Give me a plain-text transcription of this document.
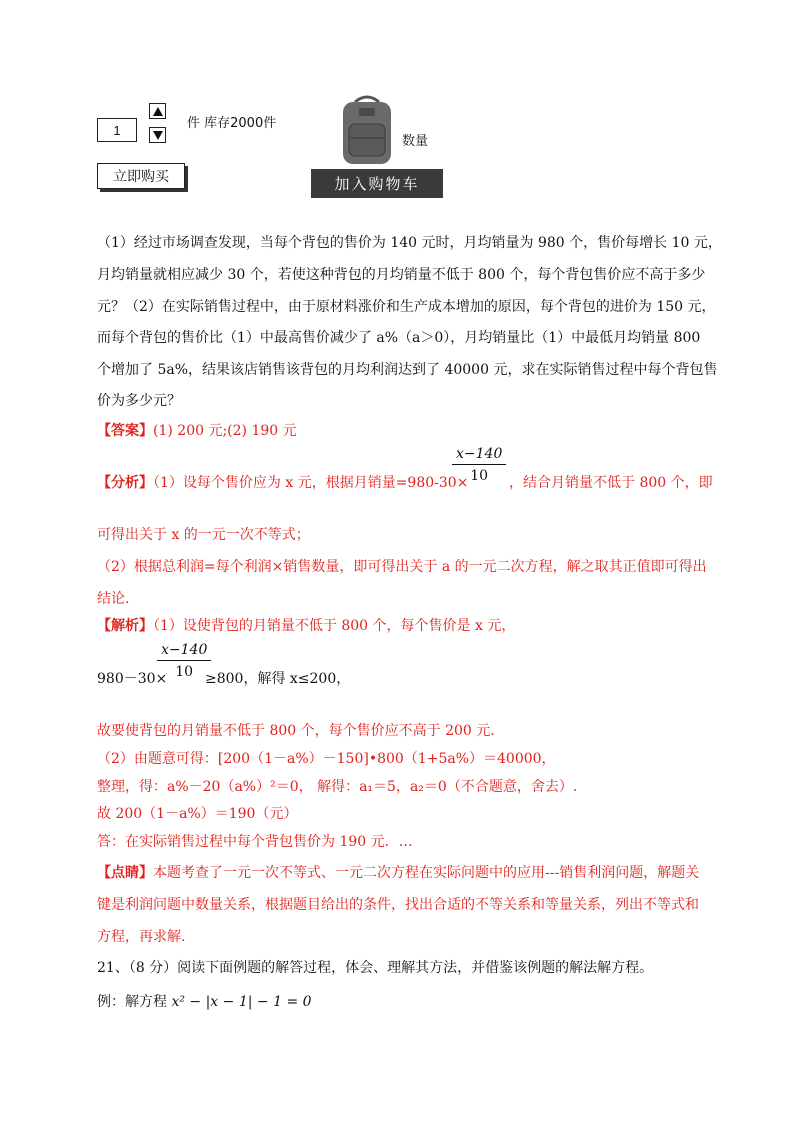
1	件 库存2000件
立即购买
数量
加入购物车
（1）经过市场调查发现，当每个背包的售价为 140 元时，月均销量为 980 个，售价每增长 10 元，
月均销量就相应减少 30 个，若使这种背包的月均销量不低于 800 个，每个背包售价应不高于多少
元？（2）在实际销售过程中，由于原材料涨价和生产成本增加的原因，每个背包的进价为 150 元，
而每个背包的售价比（1）中最高售价减少了 a%（a＞0），月均销量比（1）中最低月均销量 800
个增加了 5a%，结果该店销售该背包的月均利润达到了 40000 元，求在实际销售过程中每个背包售
价为多少元？
【答案】(1) 200 元;(2) 190 元
【分析】（1）设每个售价应为 x 元，根据月销量=980-30×
$\frac{x-140}{10}$ ，结合月销量不低于 800 个，即
可得出关于 x 的一元一次不等式；
（2）根据总利润=每个利润×销售数量，即可得出关于 a 的一元二次方程，解之取其正值即可得出
结论.
【解析】（1）设使背包的月销量不低于 800 个，每个售价是 x 元，
980－30×
$\frac{x-140}{10}$
≥800，解得 x≤200，
故要使背包的月销量不低于 800 个，每个售价应不高于 200 元.
（2）由题意可得：[200（1－a%）－150]•800（1+5a%）＝40000，
整理，得：a%－20（a%）²＝0， 解得：a₁＝5，a₂＝0（不合题意，舍去）.
故 200（1－a%）＝190（元）
答：在实际销售过程中每个背包售价为 190 元．…
【点睛】本题考查了一元一次不等式、一元二次方程在实际问题中的应用---销售利润问题，解题关
键是利润问题中数量关系，根据题目给出的条件，找出合适的不等关系和等量关系，列出不等式和
方程，再求解.
21、（8 分）阅读下面例题的解答过程，体会、理解其方法，并借鉴该例题的解法解方程。
例：解方程 x² − |x − 1| − 1 = 0
